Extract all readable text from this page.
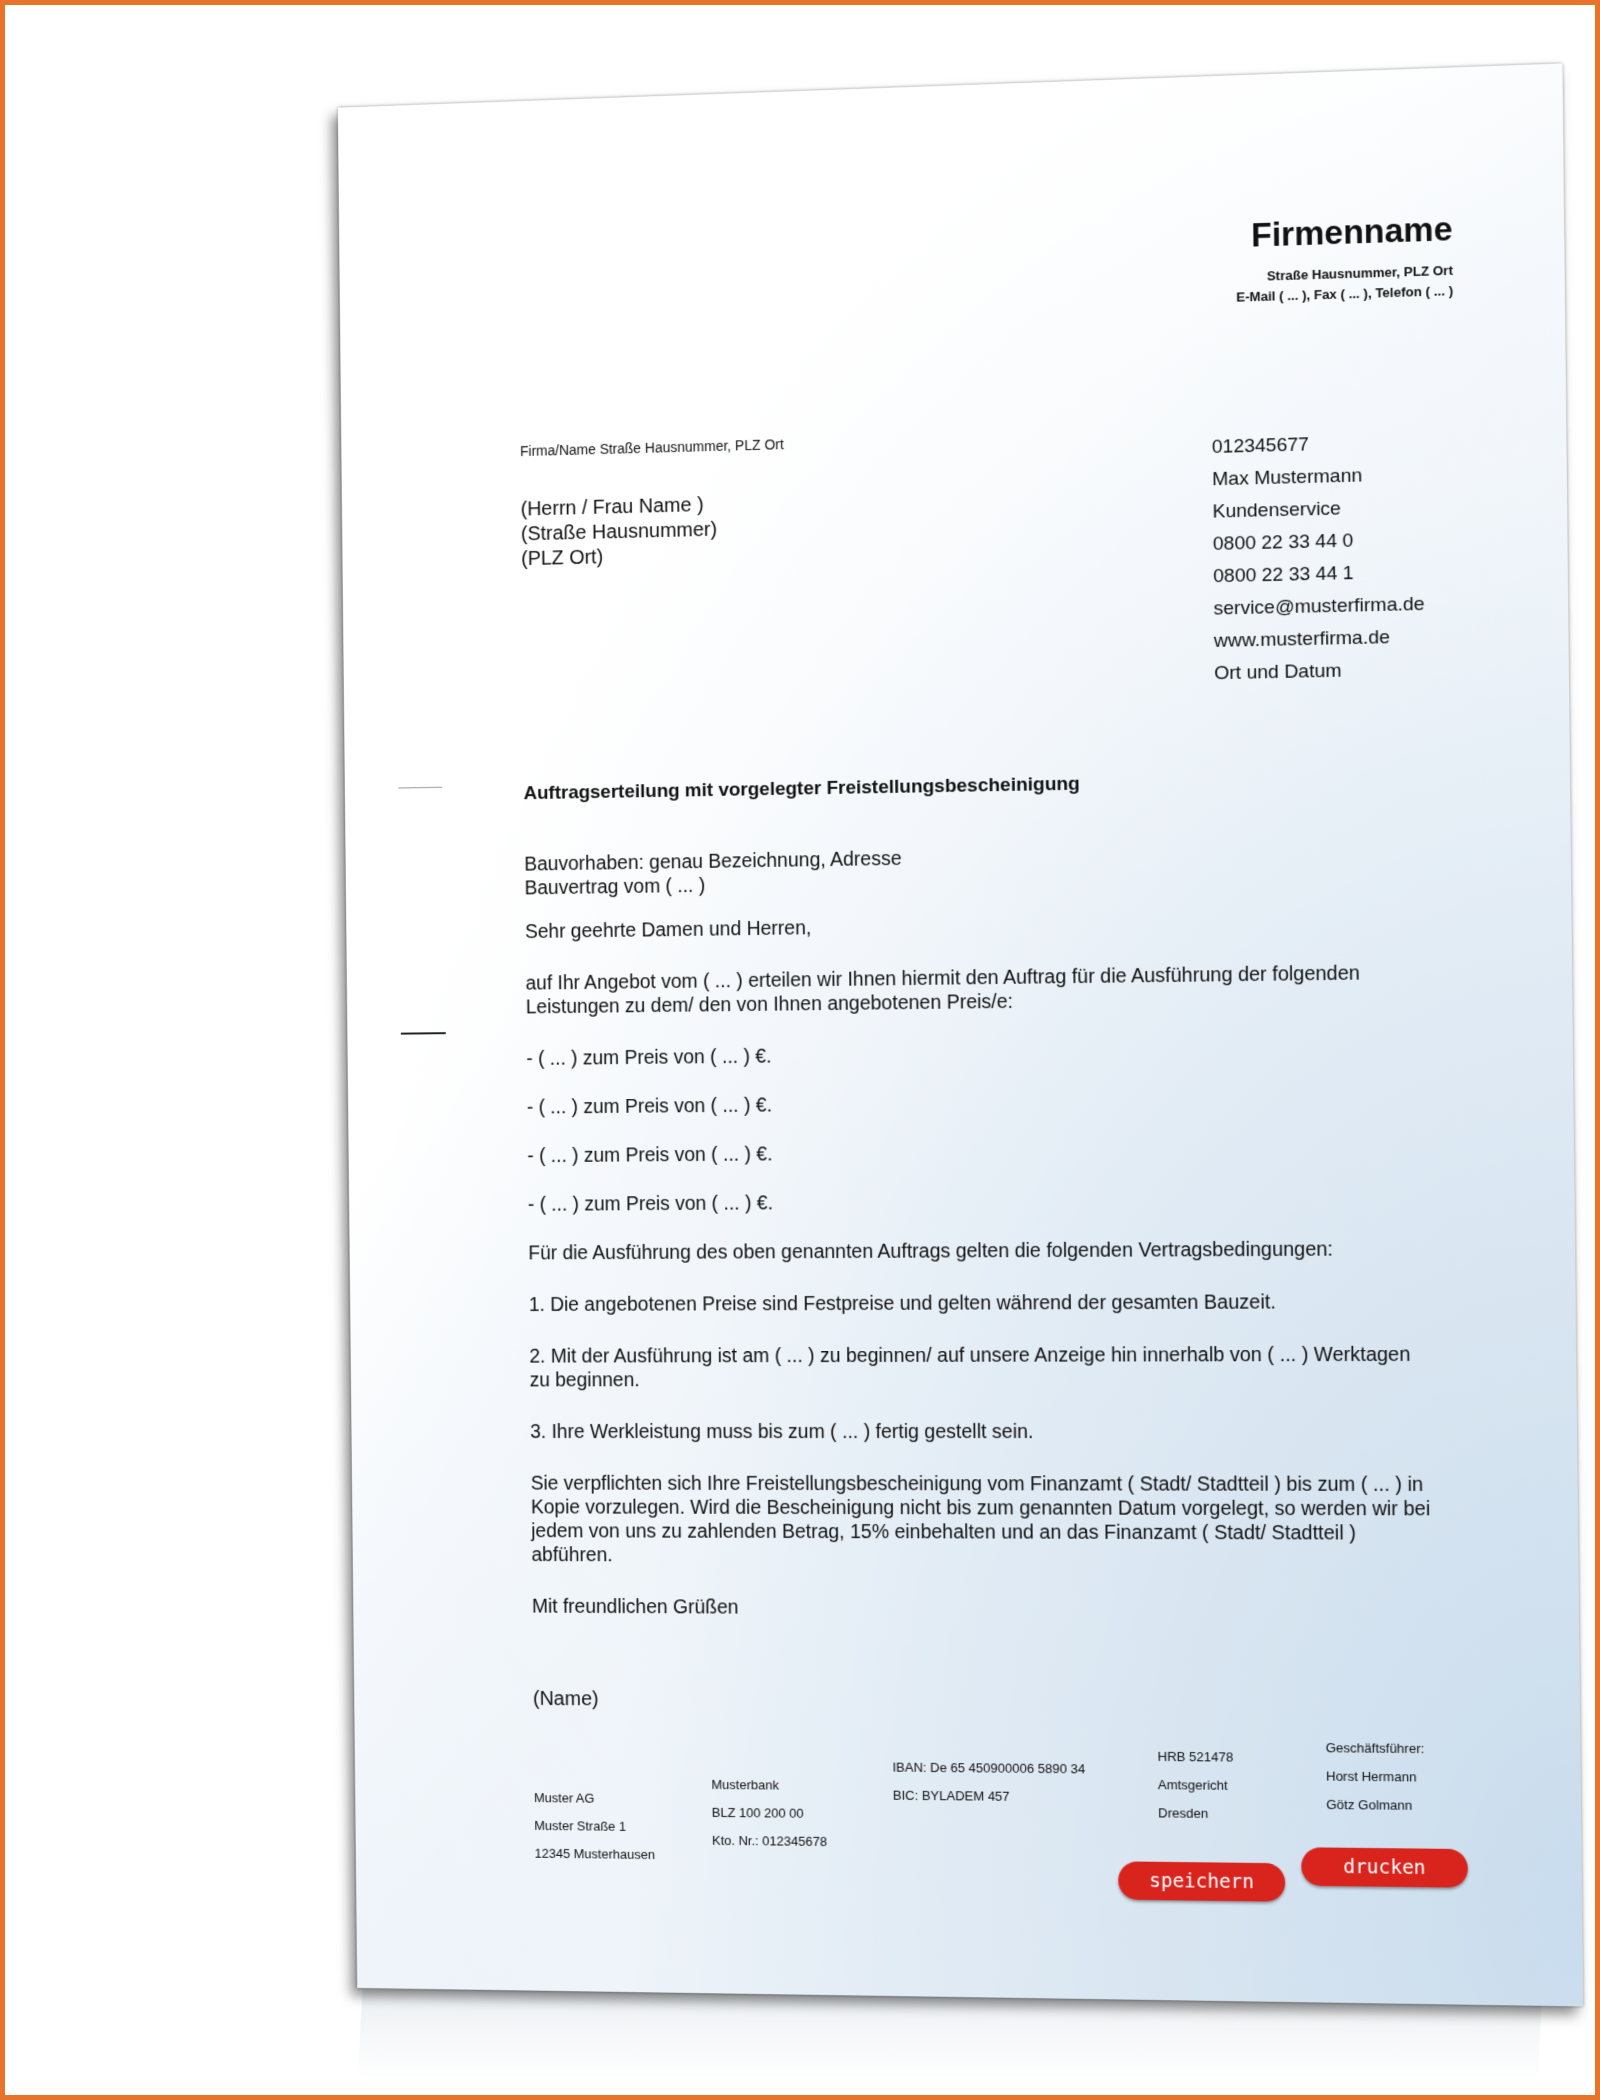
Firmenname
Straße Hausnummer, PLZ Ort
E-Mail ( ... ), Fax ( ... ), Telefon ( ... )
Firma/Name Straße Hausnummer, PLZ Ort
(Herrn / Frau Name )
(Straße Hausnummer)
(PLZ Ort)
012345677
Max Mustermann
Kundenservice
0800 22 33 44 0
0800 22 33 44 1
service@musterfirma.de
www.musterfirma.de
Ort und Datum
Auftragserteilung mit vorgelegter Freistellungsbescheinigung

Bauvorhaben: genau Bezeichnung, Adresse

Bauvertrag vom ( ... )

Sehr geehrte Damen und Herren,

auf Ihr Angebot vom ( ... ) erteilen wir Ihnen hiermit den Auftrag für die Ausführung der folgenden Leistungen zu dem/ den von Ihnen angebotenen Preis/e:

- ( ... ) zum Preis von ( ... ) €.

- ( ... ) zum Preis von ( ... ) €.

- ( ... ) zum Preis von ( ... ) €.

- ( ... ) zum Preis von ( ... ) €.

Für die Ausführung des oben genannten Auftrags gelten die folgenden Vertragsbedingungen:

1. Die angebotenen Preise sind Festpreise und gelten während der gesamten Bauzeit.

2. Mit der Ausführung ist am ( ... ) zu beginnen/ auf unsere Anzeige hin innerhalb von ( ... ) Werktagen zu beginnen.

3. Ihre Werkleistung muss bis zum ( ... ) fertig gestellt sein.

Sie verpflichten sich Ihre Freistellungsbescheinigung vom Finanzamt ( Stadt/ Stadtteil ) bis zum ( ... ) in Kopie vorzulegen. Wird die Bescheinigung nicht bis zum genannten Datum vorgelegt, so werden wir bei jedem von uns zu zahlenden Betrag, 15% einbehalten und an das Finanzamt ( Stadt/ Stadtteil ) abführen.

Mit freundlichen Grüßen

(Name)
Muster AG
Muster Straße 1
12345 Musterhausen
Musterbank
BLZ 100 200 00
Kto. Nr.: 012345678
IBAN: De 65 450900006 5890 34
BIC: BYLADEM 457
HRB 521478
Amtsgericht
Dresden
Geschäftsführer:
Horst Hermann
Götz Golmann
speichern
drucken
